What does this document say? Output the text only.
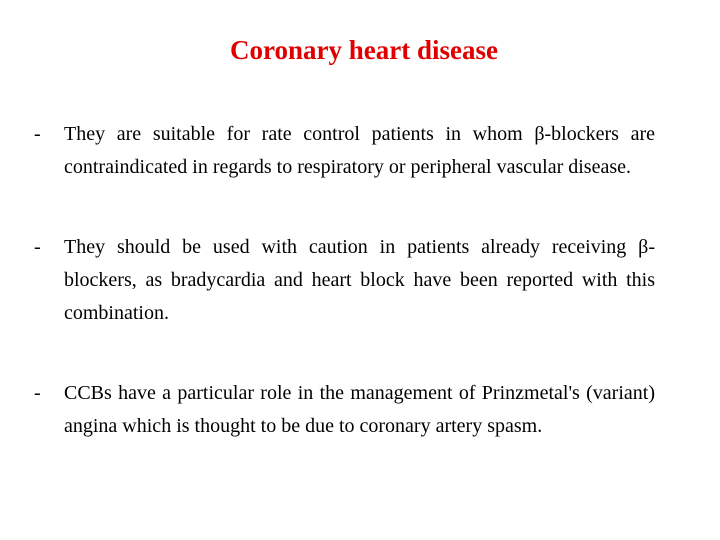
Coronary heart disease
- They are suitable for rate control patients in whom β-blockers are contraindicated in regards to respiratory or peripheral vascular disease.
- They should be used with caution in patients already receiving β-blockers, as bradycardia and heart block have been reported with this combination.
- CCBs have a particular role in the management of Prinzmetal's (variant) angina which is thought to be due to coronary artery spasm.
